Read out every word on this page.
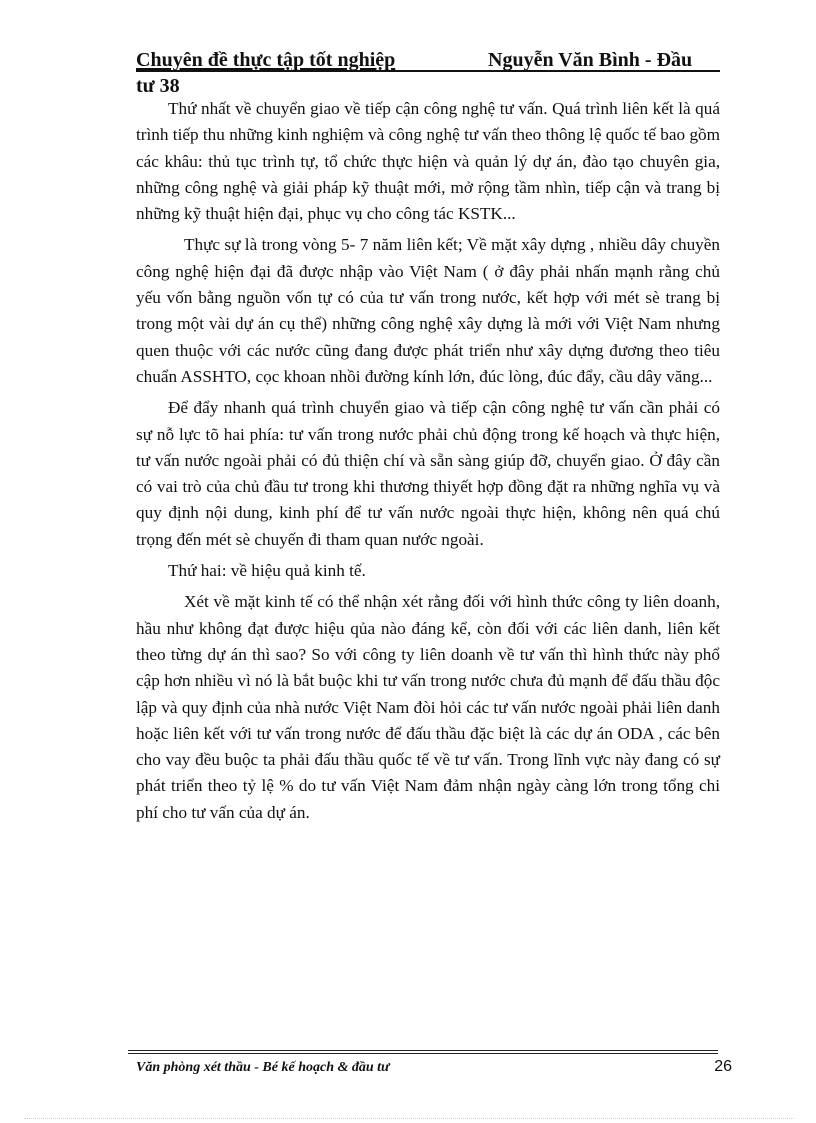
Chuyên đề thực tập tốt nghiệp	Nguyễn Văn Bình - Đầu
tư 38

Thứ nhất về chuyển giao về tiếp cận công nghệ tư vấn. Quá trình liên kết là quá trình tiếp thu những kinh nghiệm và công nghệ tư vấn theo thông lệ quốc tế bao gồm các khâu: thủ tục trình tự, tổ chức thực hiện và quản lý dự án, đào tạo chuyên gia, những công nghệ và giải pháp kỹ thuật mới, mở rộng tầm nhìn, tiếp cận và trang bị những kỹ thuật hiện đại, phục vụ cho công tác KSTK...

Thực sự là trong vòng 5- 7 năm liên kết; Về mặt xây dựng , nhiều dây chuyền công nghệ hiện đại đã được nhập vào Việt Nam ( ở đây phải nhấn mạnh rằng chủ yếu vốn bằng nguồn vốn tự có của tư vấn trong nước, kết hợp với mét sè trang bị trong một vài dự án cụ thể) những công nghệ xây dựng là mới với Việt Nam nhưng quen thuộc với các nước cũng đang được phát triển như xây dựng đương theo tiêu chuẩn ASSHTO, cọc khoan nhồi đường kính lớn, đúc lòng, đúc đẩy, cầu dây văng...

Để đẩy nhanh quá trình chuyển giao và tiếp cận công nghệ tư vấn cần phải có sự nỗ lực tõ hai phía: tư vấn trong nước phải chủ động trong kế hoạch và thực hiện, tư vấn nước ngoài phải có đủ thiện chí và sẵn sàng giúp đỡ, chuyển giao. Ở đây cần có vai trò của chủ đầu tư trong khi thương thiyết hợp đồng đặt ra những nghĩa vụ và quy định nội dung, kinh phí để tư vấn nước ngoài thực hiện, không nên quá chú trọng đến mét sè chuyến đi tham quan nước ngoài.

Thứ hai: về hiệu quả kinh tế.

Xét về mặt kinh tế có thể nhận xét rằng đối với hình thức công ty liên doanh, hầu như không đạt được hiệu qủa nào đáng kể, còn đối với các liên danh, liên kết theo từng dự án thì sao? So với công ty liên doanh về tư vấn thì hình thức này phổ cập hơn nhiều vì nó là bắt buộc khi tư vấn trong nước chưa đủ mạnh để đấu thầu độc lập và quy định của nhà nước Việt Nam đòi hỏi các tư vấn nước ngoài phải liên danh hoặc liên kết với tư vấn trong nước để đấu thầu đặc biệt là các dự án ODA , các bên cho vay đều buộc ta phải đấu thầu quốc tế về tư vấn. Trong lĩnh vực này đang có sự phát triển theo tỷ lệ % do tư vấn Việt Nam đảm nhận ngày càng lớn trong tổng chi phí cho tư vấn của dự án.

Văn phòng xét thầu - Bé kế hoạch & đầu tư	26
